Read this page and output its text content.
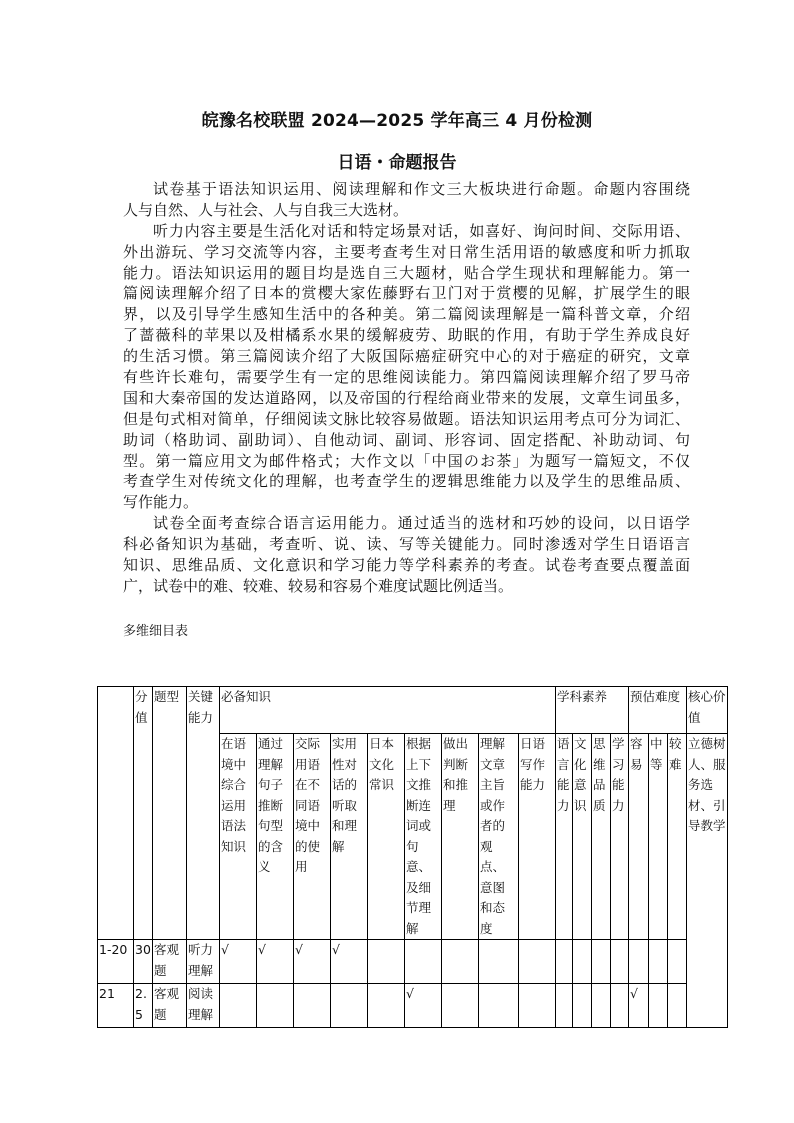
皖豫名校联盟 2024—2025 学年高三 4 月份检测
日语・命题报告
试卷基于语法知识运用、阅读理解和作文三大板块进行命题。命题内容围绕
人与自然、人与社会、人与自我三大选材。
听力内容主要是生活化对话和特定场景对话，如喜好、询问时间、交际用语、
外出游玩、学习交流等内容，主要考查考生对日常生活用语的敏感度和听力抓取
能力。语法知识运用的题目均是选自三大题材，贴合学生现状和理解能力。第一
篇阅读理解介绍了日本的赏樱大家佐藤野右卫门对于赏樱的见解，扩展学生的眼
界，以及引导学生感知生活中的各种美。第二篇阅读理解是一篇科普文章，介绍
了蔷薇科的苹果以及柑橘系水果的缓解疲劳、助眠的作用，有助于学生养成良好
的生活习惯。第三篇阅读介绍了大阪国际癌症研究中心的对于癌症的研究，文章
有些许长难句，需要学生有一定的思维阅读能力。第四篇阅读理解介绍了罗马帝
国和大秦帝国的发达道路网，以及帝国的行程给商业带来的发展，文章生词虽多，
但是句式相对简单，仔细阅读文脉比较容易做题。语法知识运用考点可分为词汇、
助词（格助词、副助词）、自他动词、副词、形容词、固定搭配、补助动词、句
型。第一篇应用文为邮件格式；大作文以「中国のお茶」为题写一篇短文，不仅
考查学生对传统文化的理解，也考查学生的逻辑思维能力以及学生的思维品质、
写作能力。
试卷全面考查综合语言运用能力。通过适当的选材和巧妙的设问，以日语学
科必备知识为基础，考查听、说、读、写等关键能力。同时渗透对学生日语语言
知识、思维品质、文化意识和学习能力等学科素养的考查。试卷考查要点覆盖面
广，试卷中的难、较难、较易和容易个难度试题比例适当。
多维细目表
	分值	题型	关键能力	必备知识									学科素养				预估难度			核心价值
				在语境中综合运用语法知识	通过理解句子推断句型的含义	交际用语在不同语境中的使用	实用性对话的听取和理解	日本文化常识	根据上下文推断连词或句意、及细节理解	做出判断和推理	理解文章主旨或作者的观点、意图和态度	日语写作能力	语言能力	文化意识	思维品质	学习能力	容易	中等	较难	立德树人、服务选材、引导教学
1-20	30	客观题	听力理解	√	√	√	√													
21	2.5	客观题	阅读理解						√								√			
